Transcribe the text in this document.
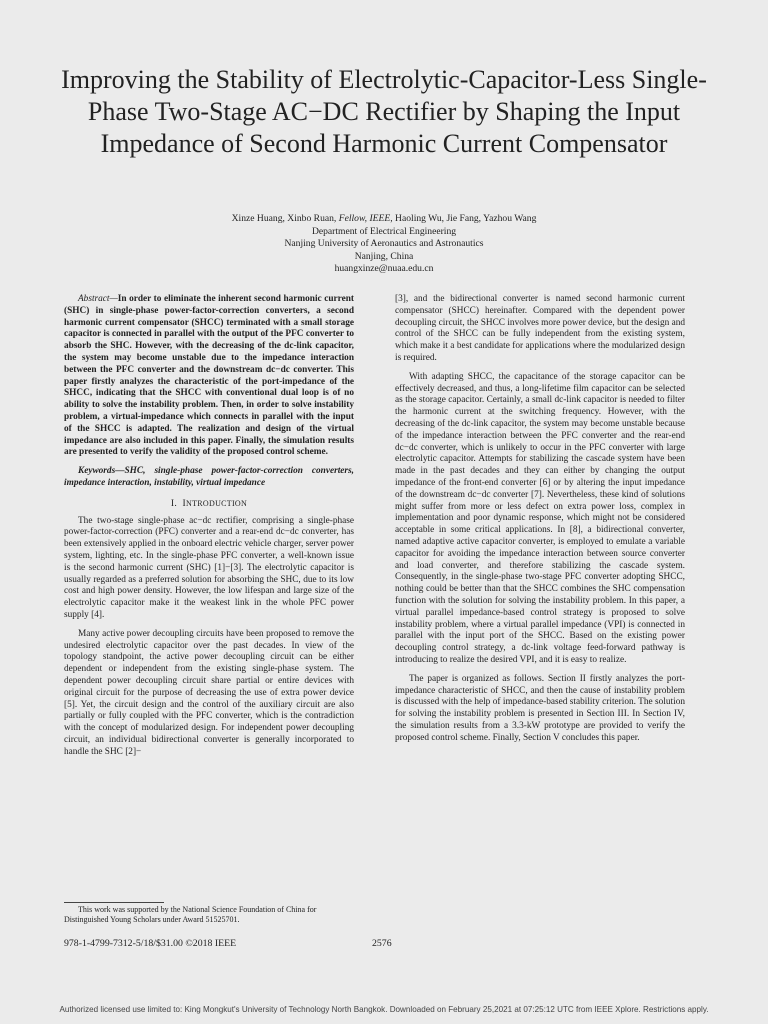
Improving the Stability of Electrolytic-Capacitor-Less Single-Phase Two-Stage AC−DC Rectifier by Shaping the Input Impedance of Second Harmonic Current Compensator
Xinze Huang, Xinbo Ruan, Fellow, IEEE, Haoling Wu, Jie Fang, Yazhou Wang
Department of Electrical Engineering
Nanjing University of Aeronautics and Astronautics
Nanjing, China
huangxinze@nuaa.edu.cn

Abstract—In order to eliminate the inherent second harmonic current (SHC) in single-phase power-factor-correction converters, a second harmonic current compensator (SHCC) terminated with a small storage capacitor is connected in parallel with the output of the PFC converter to absorb the SHC. However, with the decreasing of the dc-link capacitor, the system may become unstable due to the impedance interaction between the PFC converter and the downstream dc−dc converter. This paper firstly analyzes the characteristic of the port-impedance of the SHCC, indicating that the SHCC with conventional dual loop is of no ability to solve the instability problem. Then, in order to solve instability problem, a virtual-impedance which connects in parallel with the input of the SHCC is adapted. The realization and design of the virtual impedance are also included in this paper. Finally, the simulation results are presented to verify the validity of the proposed control scheme.

Keywords—SHC, single-phase power-factor-correction converters, impedance interaction, instability, virtual impedance

I. INTRODUCTION

The two-stage single-phase ac−dc rectifier, comprising a single-phase power-factor-correction (PFC) converter and a rear-end dc−dc converter, has been extensively applied in the onboard electric vehicle charger, server power system, lighting, etc. In the single-phase PFC converter, a well-known issue is the second harmonic current (SHC) [1]−[3]. The electrolytic capacitor is usually regarded as a preferred solution for absorbing the SHC, due to its low cost and high power density. However, the low lifespan and large size of the electrolytic capacitor make it the weakest link in the whole PFC power supply [4].

Many active power decoupling circuits have been proposed to remove the undesired electrolytic capacitor over the past decades. In view of the topology standpoint, the active power decoupling circuit can be either dependent or independent from the existing single-phase system. The dependent power decoupling circuit share partial or entire devices with original circuit for the purpose of decreasing the use of extra power device [5]. Yet, the circuit design and the control of the auxiliary circuit are also partially or fully coupled with the PFC converter, which is the contradiction with the concept of modularized design. For independent power decoupling circuit, an individual bidirectional converter is generally incorporated to handle the SHC [2]−

[3], and the bidirectional converter is named second harmonic current compensator (SHCC) hereinafter. Compared with the dependent power decoupling circuit, the SHCC involves more power device, but the design and control of the SHCC can be fully independent from the existing system, which make it a best candidate for applications where the modularized design is required.

With adapting SHCC, the capacitance of the storage capacitor can be effectively decreased, and thus, a long-lifetime film capacitor can be selected as the storage capacitor. Certainly, a small dc-link capacitor is needed to filter the harmonic current at the switching frequency. However, with the decreasing of the dc-link capacitor, the system may become unstable because of the impedance interaction between the PFC converter and the rear-end dc−dc converter, which is unlikely to occur in the PFC converter with large electrolytic capacitor. Attempts for stabilizing the cascade system have been made in the past decades and they can either by changing the output impedance of the front-end converter [6] or by altering the input impedance of the downstream dc−dc converter [7]. Nevertheless, these kind of solutions might suffer from more or less defect on extra power loss, complex in implementation and poor dynamic response, which might not be considered acceptable in some critical applications. In [8], a bidirectional converter, named adaptive active capacitor converter, is employed to emulate a variable capacitor for avoiding the impedance interaction between source converter and load converter, and therefore stabilizing the cascade system. Consequently, in the single-phase two-stage PFC converter adopting SHCC, nothing could be better than that the SHCC combines the SHC compensation function with the solution for solving the instability problem. In this paper, a virtual parallel impedance-based control strategy is proposed to solve instability problem, where a virtual parallel impedance (VPI) is connected in parallel with the input port of the SHCC. Based on the existing power decoupling control strategy, a dc-link voltage feed-forward pathway is introducing to realize the desired VPI, and it is easy to realize.

The paper is organized as follows. Section II firstly analyzes the port-impedance characteristic of SHCC, and then the cause of instability problem is discussed with the help of impedance-based stability criterion. The solution for solving the instability problem is presented in Section III. In Section IV, the simulation results from a 3.3-kW prototype are provided to verify the proposed control scheme. Finally, Section V concludes this paper.

This work was supported by the National Science Foundation of China for Distinguished Young Scholars under Award 51525701.

978-1-4799-7312-5/18/$31.00 ©2018 IEEE	2576
Authorized licensed use limited to: King Mongkut's University of Technology North Bangkok. Downloaded on February 25,2021 at 07:25:12 UTC from IEEE Xplore. Restrictions apply.
